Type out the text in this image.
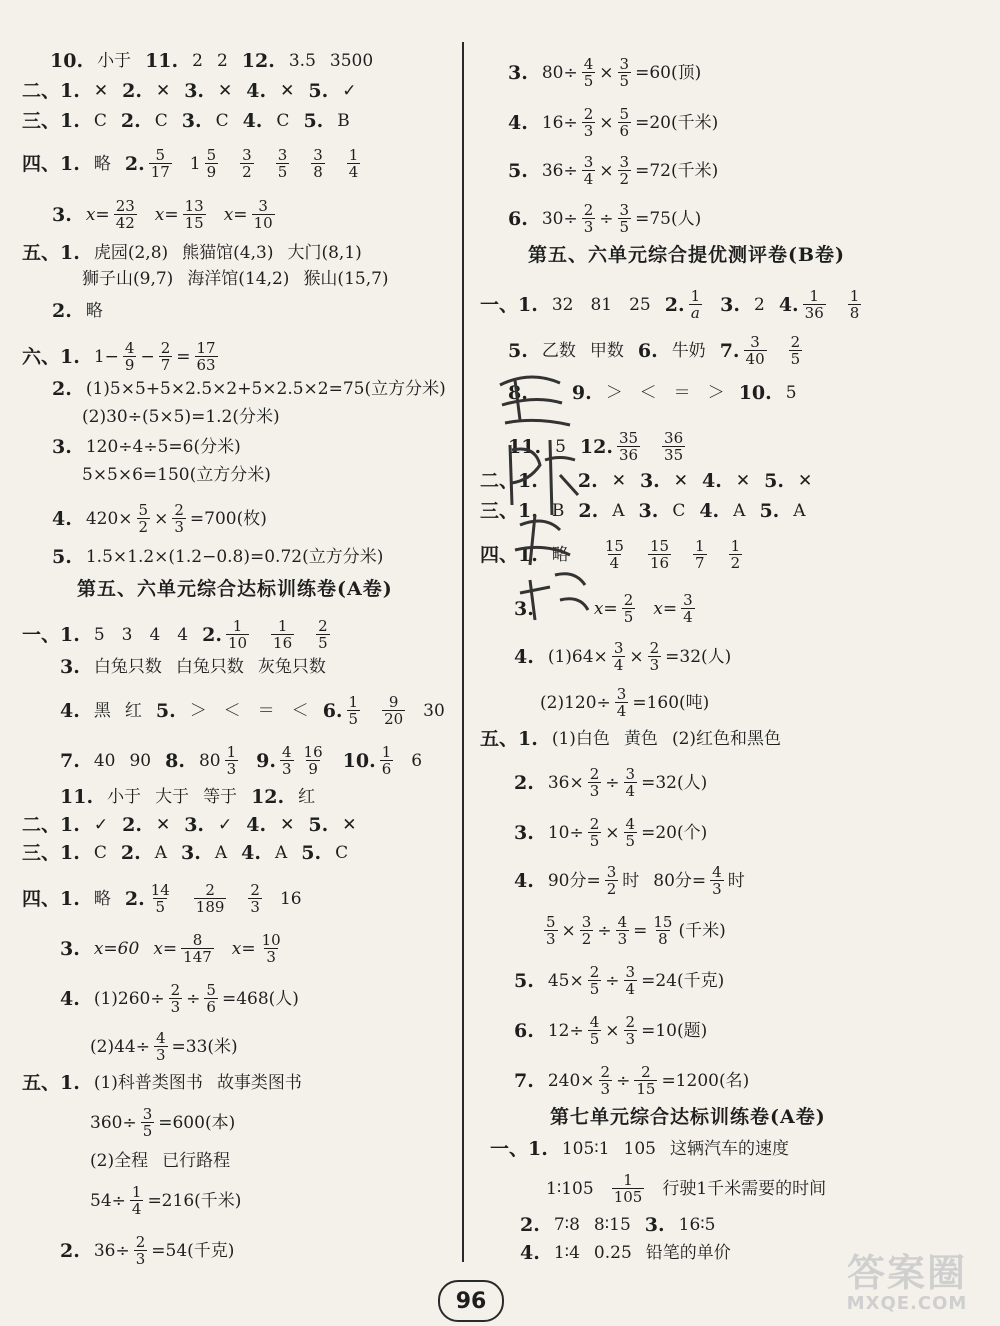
10. 小于 11. 2 2 12. 3.5 3500
二、1. ✕ 2. ✕ 3. ✕ 4. ✕ 5. ✓
三、1. C 2. C 3. C 4. C 5. B
四、1. 略 2. $\frac{5}{17} 1 \frac{5}{9} \frac{3}{2} \frac{3}{5} \frac{3}{8} \frac{1}{4}$
3. $x= \frac{23}{42} x= \frac{13}{15} x= \frac{3}{10}$
五、1. 虎园(2,8) 熊猫馆(4,3) 大门(8,1)
狮子山(9,7) 海洋馆(14,2) 猴山(15,7)
2. 略
六、1. $1- \frac{4}{9} - \frac{2}{7} = \frac{17}{63}$
2. (1)5×5+5×2.5×2+5×2.5×2=75(立方分米)
(2)30÷(5×5)=1.2(分米)
3. 120÷4÷5=6(分米)
5×5×6=150(立方分米)
4. $420\times \frac{5}{2} \times \frac{2}{3} =700$(枚)
5. 1.5×1.2×(1.2−0.8)=0.72(立方分米)
第五、六单元综合达标训练卷(A卷)
一、1. 5　3　4　4 2. $\frac{1}{10} \frac{1}{16} \frac{2}{5}$
3. 白兔只数 白兔只数 灰兔只数
4. 黑 红 5. ＞　＜　＝　＜ 6. $\frac{1}{5} \frac{9}{20} 30$
7. 40 90 8. $80 \frac{1}{3} 9$. $\frac{4}{3} \frac{16}{9} 10$. $\frac{1}{6} 6$
11. 小于 大于 等于 12. 红
二、1. ✓ 2. ✕ 3. ✓ 4. ✕ 5. ✕
三、1. C 2. A 3. A 4. A 5. C
四、1. 略 2. $\frac{14}{5} \frac{2}{189} \frac{2}{3} 16$
3. x=60 $x= \frac{8}{147} x= \frac{10}{3}$
4. $(1)260\div \frac{2}{3} \div \frac{5}{6} =468$(人)
$(2)44\div \frac{4}{3} =33$(米)
五、1. (1)科普类图书 故事类图书
$360\div \frac{3}{5} =600$(本)
(2)全程 已行路程
$54\div \frac{1}{4} =216$(千米)
2. $36\div \frac{2}{3} =54$(千克)
3. $80\div \frac{4}{5} \times \frac{3}{5} =60$(顶)
4. $16\div \frac{2}{3} \times \frac{5}{6} =20$(千米)
5. $36\div \frac{3}{4} \times \frac{3}{2} =72$(千米)
6. $30\div \frac{2}{3} \div \frac{3}{5} =75$(人)
第五、六单元综合提优测评卷(B卷)
一、1. 32　81　25 2. $\frac{1}{a} 3$. 2 4. $\frac{1}{36} \frac{1}{8}$
5. 乙数 甲数 6. 牛奶 7. $\frac{3}{40} \frac{2}{5}$
8. 9. ＞　＜　＝　＞ 10. 5
11. 5 12. $\frac{35}{36} \frac{36}{35}$
二、1. 2. ✕ 3. ✕ 4. ✕ 5. ✕
三、1. B 2. A 3. C 4. A 5. A
四、1. 略 $\frac{15}{4} \frac{15}{16} \frac{1}{7} \frac{1}{2}$
3.	$x= \frac{2}{5} x= \frac{3}{4}$
4. $(1)64\times \frac{3}{4} \times \frac{2}{3} =32$(人)
$(2)120\div \frac{3}{4} =160$(吨)
五、1. (1)白色 黄色 (2)红色和黑色
2. $36\times \frac{2}{3} \div \frac{3}{4} =32$(人)
3. $10\div \frac{2}{5} \times \frac{4}{5} =20$(个)
4. 90分= $\frac{3}{2}$ 时 80分= $\frac{4}{3}$ 时
$\frac{5}{3} \times \frac{3}{2} \div \frac{4}{3} = \frac{15}{8}$ (千米)
5. $45\times \frac{2}{5} \div \frac{3}{4} =24$(千克)
6. $12\div \frac{4}{5} \times \frac{2}{3} =10$(题)
7. $240\times \frac{2}{3} \div \frac{2}{15} =1200$(名)
第七单元综合达标训练卷(A卷)
一、1. 105∶1 105 这辆汽车的速度
1∶105 $\frac{1}{105}$ 行驶1千米需要的时间
2. 7∶8 8∶15 3. 16∶5
4. 1∶4 0.25 铅笔的单价
96
答案圈
MXQE.COM
